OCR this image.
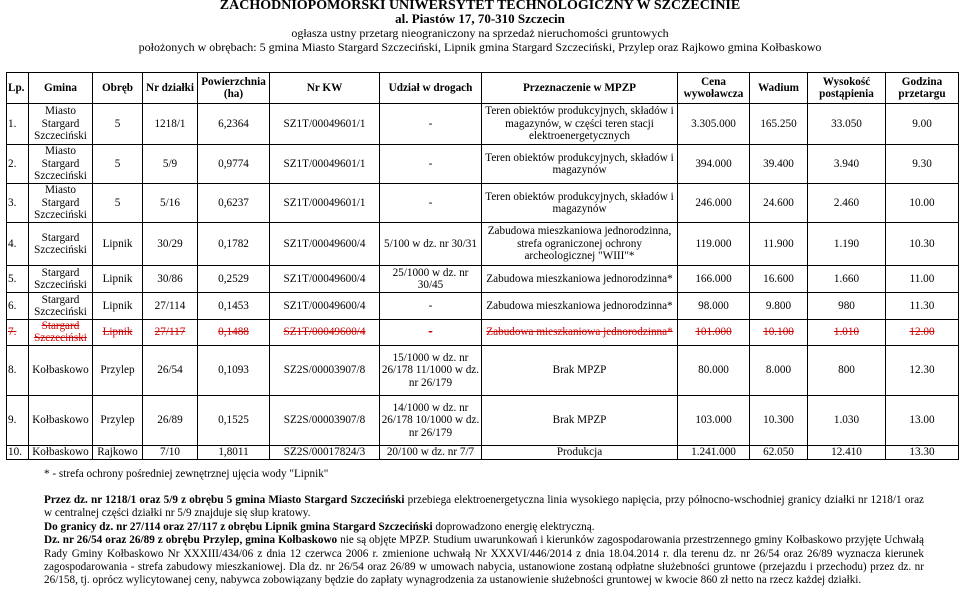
ZACHODNIOPOMORSKI UNIWERSYTET TECHNOLOGICZNY W SZCZECINIE
al. Piastów 17, 70-310 Szczecin
ogłasza ustny przetarg nieograniczony na sprzedaż nieruchomości gruntowych
położonych w obrębach: 5 gmina Miasto Stargard Szczeciński, Lipnik gmina Stargard Szczeciński, Przylep oraz Rajkowo gmina Kołbaskowo
Lp.	Gmina	Obręb	Nr działki	Powierzchnia (ha)	Nr KW	Udział w drogach	Przeznaczenie w MPZP	Cena wywoławcza	Wadium	Wysokość postąpienia	Godzina przetargu
1.	Miasto Stargard Szczeciński	5	1218/1	6,2364	SZ1T/00049601/1	-	Teren obiektów produkcyjnych, składów i magazynów, w części teren stacji elektroenergetycznych	3.305.000	165.250	33.050	9.00
2.	Miasto Stargard Szczeciński	5	5/9	0,9774	SZ1T/00049601/1	-	Teren obiektów produkcyjnych, składów i magazynów	394.000	39.400	3.940	9.30
3.	Miasto Stargard Szczeciński	5	5/16	0,6237	SZ1T/00049601/1	-	Teren obiektów produkcyjnych, składów i magazynów	246.000	24.600	2.460	10.00
4.	Stargard Szczeciński	Lipnik	30/29	0,1782	SZ1T/00049600/4	5/100 w dz. nr 30/31	Zabudowa mieszkaniowa jednorodzinna, strefa ograniczonej ochrony archeologicznej "WIII"*	119.000	11.900	1.190	10.30
5.	Stargard Szczeciński	Lipnik	30/86	0,2529	SZ1T/00049600/4	25/1000 w dz. nr 30/45	Zabudowa mieszkaniowa jednorodzinna*	166.000	16.600	1.660	11.00
6.	Stargard Szczeciński	Lipnik	27/114	0,1453	SZ1T/00049600/4	-	Zabudowa mieszkaniowa jednorodzinna*	98.000	9.800	980	11.30
7.	Stargard Szczeciński	Lipnik	27/117	0,1488	SZ1T/00049600/4	-	Zabudowa mieszkaniowa jednorodzinna*	101.000	10.100	1.010	12.00
8.	Kołbaskowo	Przylep	26/54	0,1093	SZ2S/00003907/8	15/1000 w dz. nr 26/178 11/1000 w dz. nr 26/179	Brak MPZP	80.000	8.000	800	12.30
9.	Kołbaskowo	Przylep	26/89	0,1525	SZ2S/00003907/8	14/1000 w dz. nr 26/178 10/1000 w dz. nr 26/179	Brak MPZP	103.000	10.300	1.030	13.00
10.	Kołbaskowo	Rajkowo	7/10	1,8011	SZ2S/00017824/3	20/100 w dz. nr 7/7	Produkcja	1.241.000	62.050	12.410	13.30
* - strefa ochrony pośredniej zewnętrznej ujęcia wody "Lipnik"

Przez dz. nr 1218/1 oraz 5/9 z obrębu 5 gmina Miasto Stargard Szczeciński przebiega elektroenergetyczna linia wysokiego napięcia, przy północno-wschodniej granicy działki nr 1218/1 oraz w centralnej części działki nr 5/9 znajduje się słup kratowy.

Do granicy dz. nr 27/114 oraz 27/117 z obrębu Lipnik gmina Stargard Szczeciński doprowadzono energię elektryczną.

Dz. nr 26/54 oraz 26/89 z obrębu Przylep, gmina Kołbaskowo nie są objęte MPZP. Studium uwarunkowań i kierunków zagospodarowania przestrzennego gminy Kołbaskowo przyjęte Uchwałą Rady Gminy Kołbaskowo Nr XXXIII/434/06 z dnia 12 czerwca 2006 r. zmienione uchwałą Nr XXXVI/446/2014 z dnia 18.04.2014 r. dla terenu dz. nr 26/54 oraz 26/89 wyznacza kierunek zagospodarowania - strefa zabudowy mieszkaniowej. Dla dz. nr 26/54 oraz 26/89 w umowach nabycia, ustanowione zostaną odpłatne służebności gruntowe (przejazdu i przechodu) przez dz. nr 26/158, tj. oprócz wylicytowanej ceny, nabywca zobowiązany będzie do zapłaty wynagrodzenia za ustanowienie służebności gruntowej w kwocie 860 zł netto na rzecz każdej działki.
